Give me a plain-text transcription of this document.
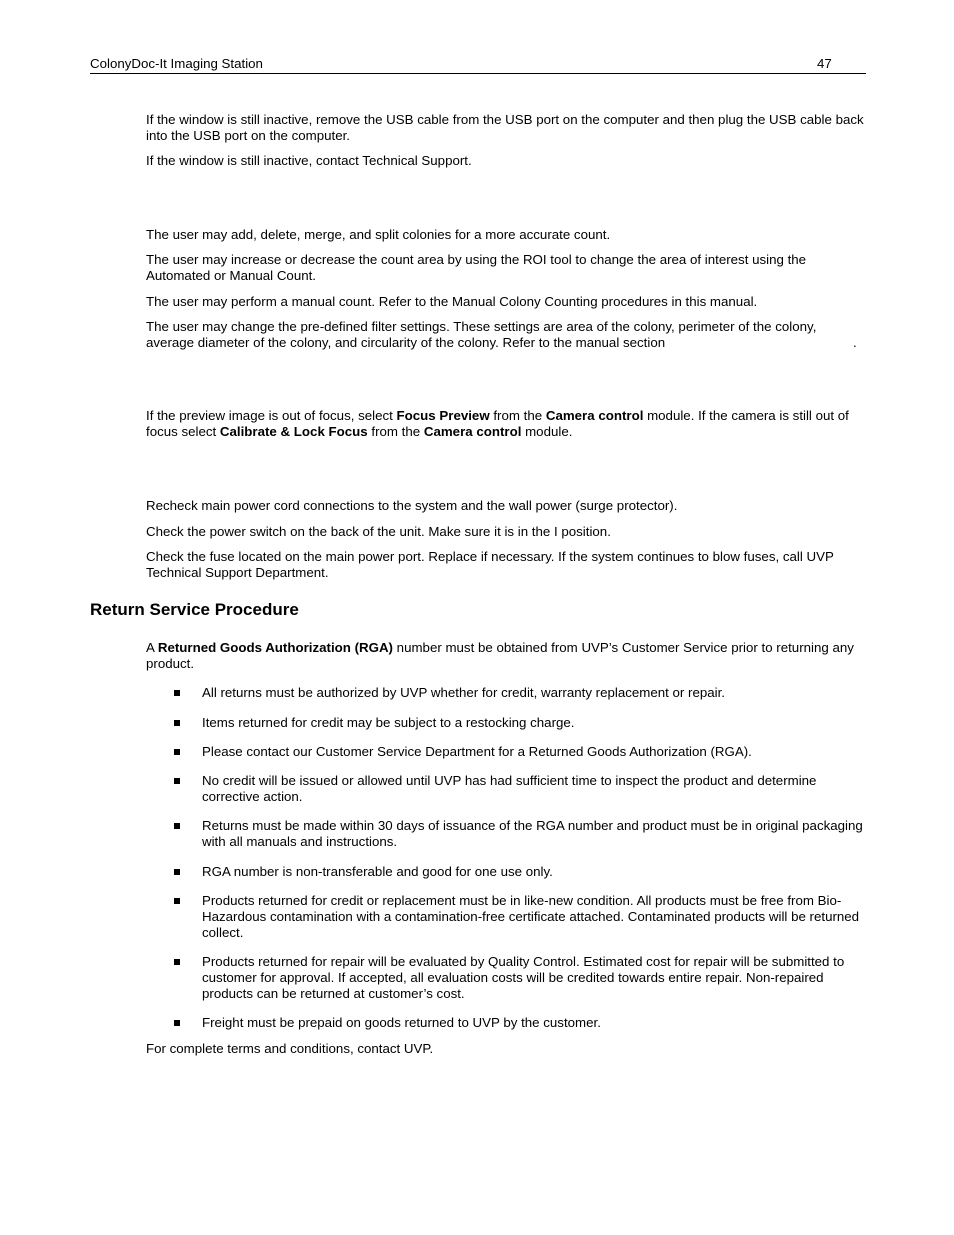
ColonyDoc-It Imaging Station	47

If the window is still inactive, remove the USB cable from the USB port on the computer and then plug the USB cable back into the USB port on the computer.

If the window is still inactive, contact Technical Support.

The user may add, delete, merge, and split colonies for a more accurate count.

The user may increase or decrease the count area by using the ROI tool to change the area of interest using the Automated or Manual Count.

The user may perform a manual count. Refer to the Manual Colony Counting procedures in this manual.

The user may change the pre-defined filter settings. These settings are area of the colony, perimeter of the colony, average diameter of the colony, and circularity of the colony. Refer to the manual section	.

If the preview image is out of focus, select Focus Preview from the Camera control module. If the camera is still out of focus select Calibrate & Lock Focus from the Camera control module.

Recheck main power cord connections to the system and the wall power (surge protector).

Check the power switch on the back of the unit. Make sure it is in the I position.

Check the fuse located on the main power port. Replace if necessary. If the system continues to blow fuses, call UVP Technical Support Department.

Return Service Procedure

A Returned Goods Authorization (RGA) number must be obtained from UVP’s Customer Service prior to returning any product.

All returns must be authorized by UVP whether for credit, warranty replacement or repair.
Items returned for credit may be subject to a restocking charge.
Please contact our Customer Service Department for a Returned Goods Authorization (RGA).
No credit will be issued or allowed until UVP has had sufficient time to inspect the product and determine corrective action.
Returns must be made within 30 days of issuance of the RGA number and product must be in original packaging with all manuals and instructions.
RGA number is non-transferable and good for one use only.
Products returned for credit or replacement must be in like-new condition. All products must be free from Bio-Hazardous contamination with a contamination-free certificate attached. Contaminated products will be returned collect.
Products returned for repair will be evaluated by Quality Control. Estimated cost for repair will be submitted to customer for approval. If accepted, all evaluation costs will be credited towards entire repair. Non-repaired products can be returned at customer’s cost.
Freight must be prepaid on goods returned to UVP by the customer.

For complete terms and conditions, contact UVP.
